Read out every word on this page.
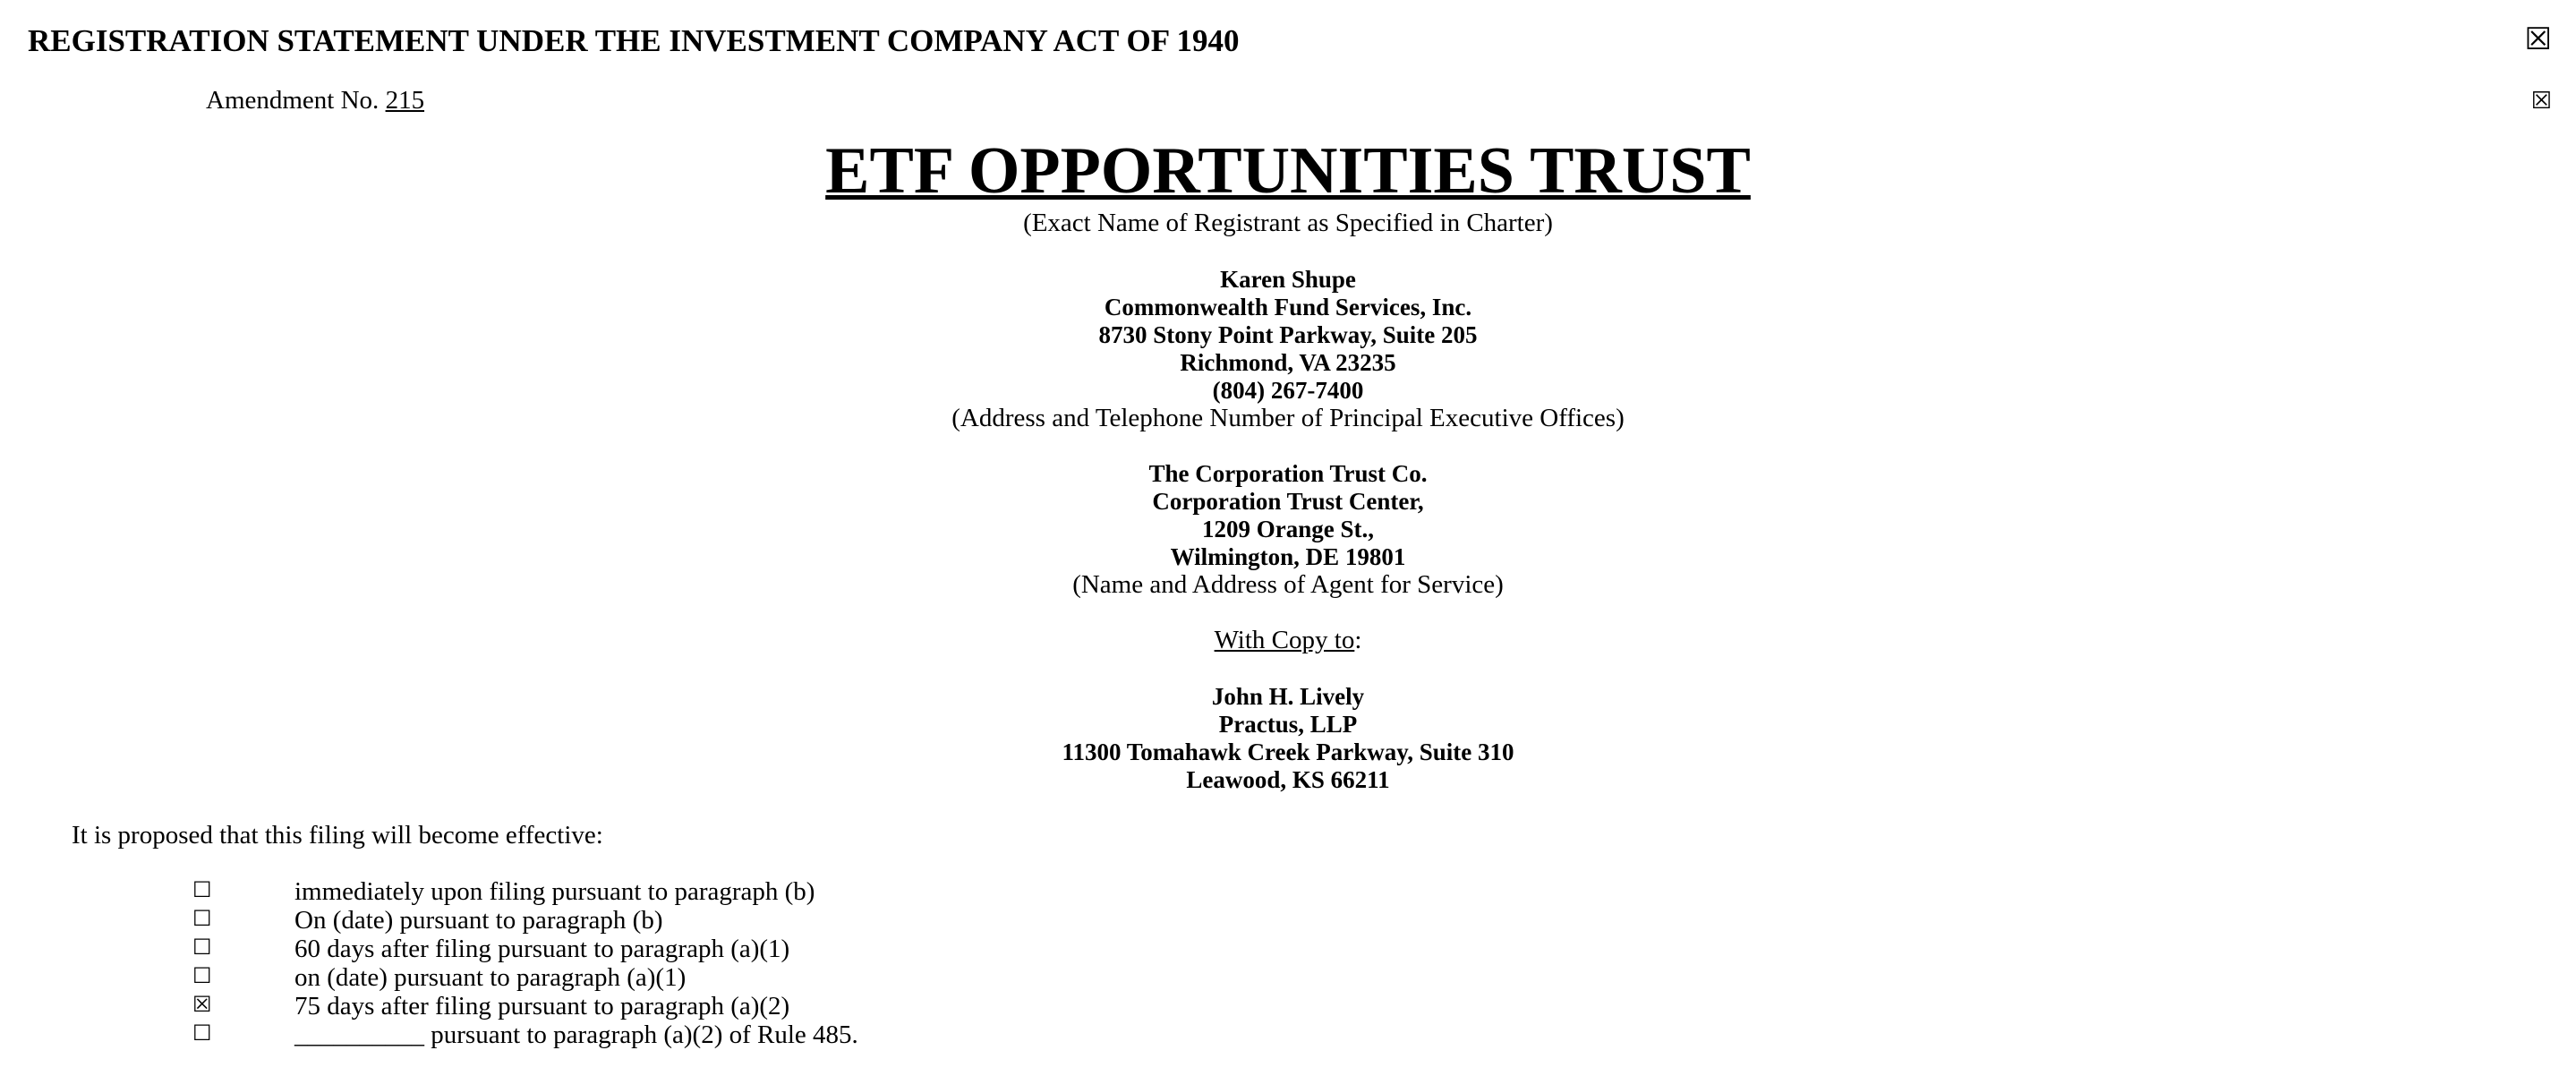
REGISTRATION STATEMENT UNDER THE INVESTMENT COMPANY ACT OF 1940	☒
Amendment No. 215	☒
ETF OPPORTUNITIES TRUST
(Exact Name of Registrant as Specified in Charter)
Karen Shupe
Commonwealth Fund Services, Inc.
8730 Stony Point Parkway, Suite 205
Richmond, VA 23235
(804) 267-7400
(Address and Telephone Number of Principal Executive Offices)
The Corporation Trust Co.
Corporation Trust Center,
1209 Orange St.,
Wilmington, DE 19801
(Name and Address of Agent for Service)
With Copy to:
John H. Lively
Practus, LLP
11300 Tomahawk Creek Parkway, Suite 310
Leawood, KS 66211
It is proposed that this filing will become effective:
☐	immediately upon filing pursuant to paragraph (b)
☐	On (date) pursuant to paragraph (b)
☐	60 days after filing pursuant to paragraph (a)(1)
☐	on (date) pursuant to paragraph (a)(1)
☒	75 days after filing pursuant to paragraph (a)(2)
☐	__________ pursuant to paragraph (a)(2) of Rule 485.
